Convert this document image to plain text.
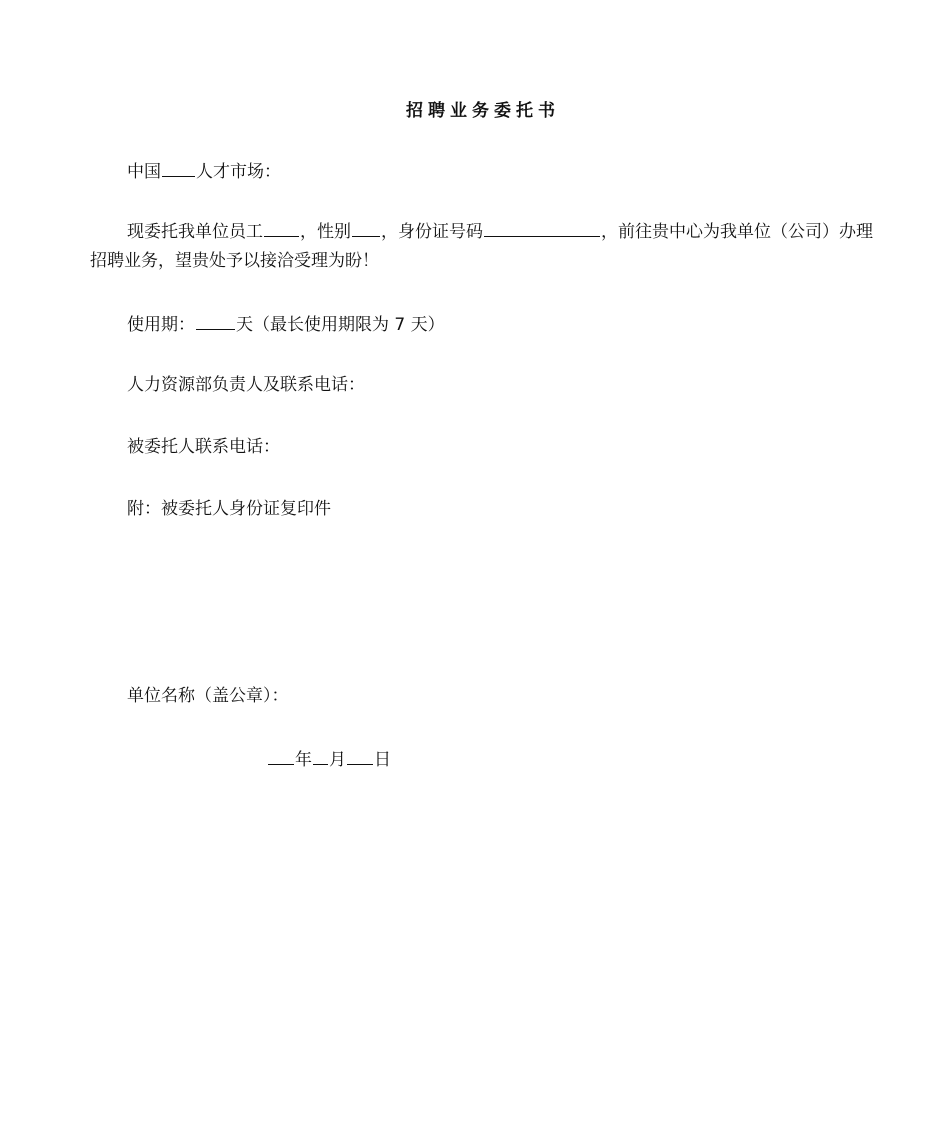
招聘业务委托书
中国 人才市场：
现委托我单位员工 ，性别 ，身份证号码	，前往贵中心为我单位（公司）办理招聘业务，望贵处予以接洽受理为盼！
使用期： 天（最长使用期限为 7 天）
人力资源部负责人及联系电话：
被委托人联系电话：
附：被委托人身份证复印件
单位名称（盖公章）：
年 月 日
